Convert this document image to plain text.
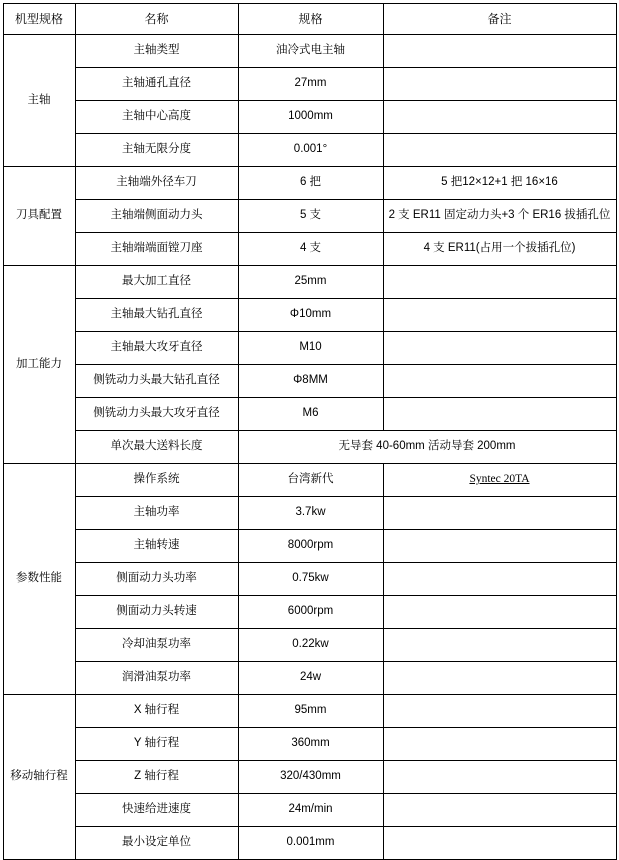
机型规格	名称	规格	备注
主轴	主轴类型	油冷式电主轴	
	主轴通孔直径	27mm	
	主轴中心高度	1000mm	
	主轴无限分度	0.001°	
刀具配置	主轴端外径车刀	6 把	5 把12×12+1 把 16×16
	主轴端侧面动力头	5 支	2 支 ER11 固定动力头+3 个 ER16 拔插孔位
	主轴端端面镗刀座	4 支	4 支 ER11(占用一个拔插孔位)
加工能力	最大加工直径	25mm	
	主轴最大钻孔直径	Φ10mm	
	主轴最大攻牙直径	M10	
	侧铣动力头最大钻孔直径	Φ8MM	
	侧铣动力头最大攻牙直径	M6	
	单次最大送料长度	无导套 40-60mm 活动导套 200mm	
参数性能	操作系统	台湾新代	Syntec 20TA
	主轴功率	3.7kw	
	主轴转速	8000rpm	
	侧面动力头功率	0.75kw	
	侧面动力头转速	6000rpm	
	冷却油泵功率	0.22kw	
	润滑油泵功率	24w	
移动轴行程	X 轴行程	95mm	
	Y 轴行程	360mm	
	Z 轴行程	320/430mm	
	快速给进速度	24m/min	
	最小设定单位	0.001mm	
